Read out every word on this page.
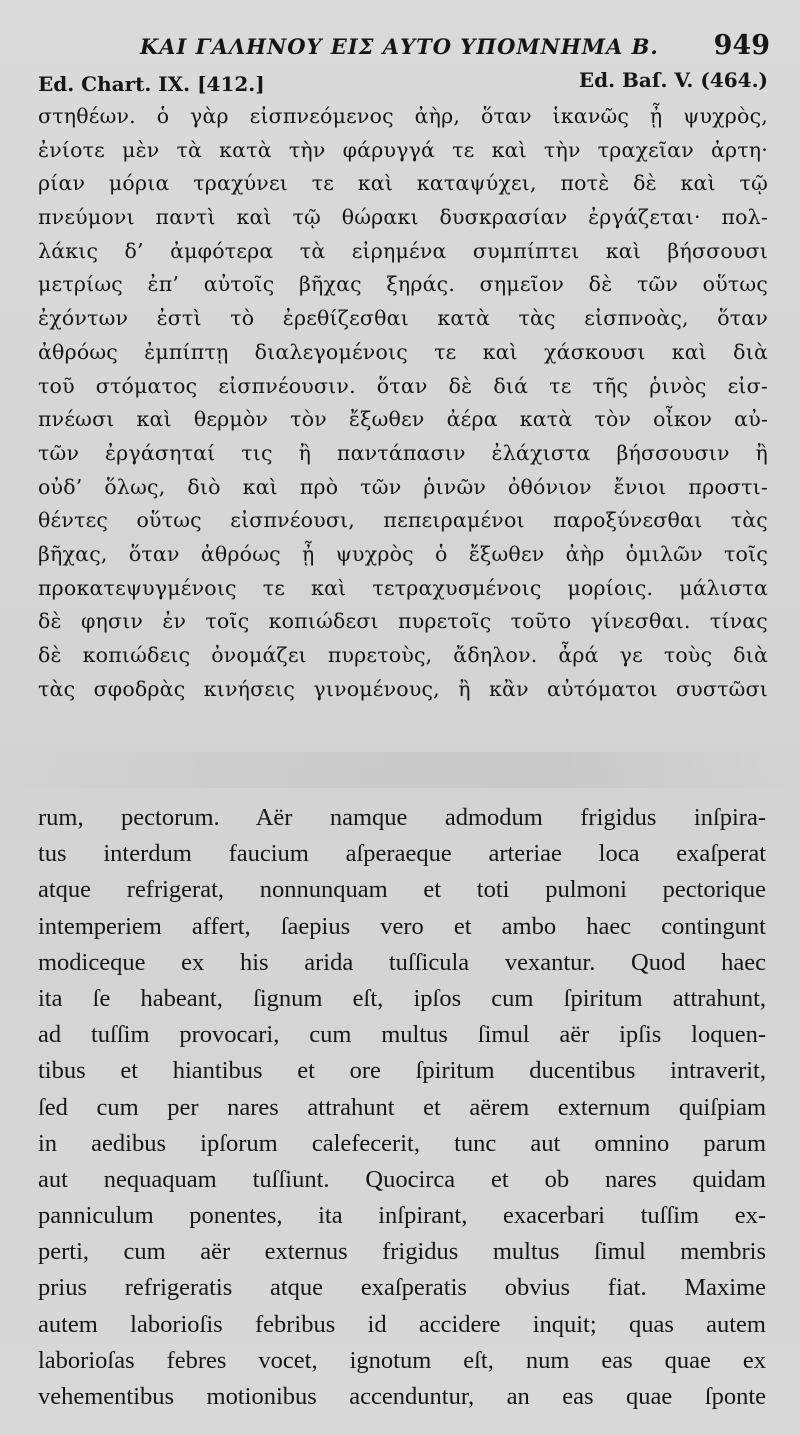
ΚΑΙ ΓΑΛΗΝΟΥ ΕΙΣ ΑΥΤΟ ΥΠΟΜΝΗΜΑ Β. 949
Ed. Chart. IX. [412.]	Ed. Baſ. V. (464.)
στηθέων. ὁ γὰρ εἰσπνεόμενος ἀὴρ, ὅταν ἱκανῶς ᾖ ψυχρὸς,
ἐνίοτε μὲν τὰ κατὰ τὴν φάρυγγά τε καὶ τὴν τραχεῖαν ἀρτη·
ρίαν μόρια τραχύνει τε καὶ καταψύχει, ποτὲ δὲ καὶ τῷ
πνεύμονι παντὶ καὶ τῷ θώρακι δυσκρασίαν ἐργάζεται· πολ-
λάκις δ’ ἀμφότερα τὰ εἰρημένα συμπίπτει καὶ βήσσουσι
μετρίως ἐπ’ αὐτοῖς βῆχας ξηράς. σημεῖον δὲ τῶν οὕτως
ἐχόντων ἐστὶ τὸ ἐρεθίζεσθαι κατὰ τὰς εἰσπνοὰς, ὅταν
ἀθρόως ἐμπίπτῃ διαλεγομένοις τε καὶ χάσκουσι καὶ διὰ
τοῦ στόματος εἰσπνέουσιν. ὅταν δὲ διά τε τῆς ῥινὸς εἰσ-
πνέωσι καὶ θερμὸν τὸν ἔξωθεν ἀέρα κατὰ τὸν οἶκον αὐ-
τῶν ἐργάσηταί τις ἢ παντάπασιν ἐλάχιστα βήσσουσιν ἢ
οὐδ’ ὅλως, διὸ καὶ πρὸ τῶν ῥινῶν ὀθόνιον ἔνιοι προστι-
θέντες οὕτως εἰσπνέουσι, πεπειραμένοι παροξύνεσθαι τὰς
βῆχας, ὅταν ἀθρόως ᾖ ψυχρὸς ὁ ἔξωθεν ἀὴρ ὁμιλῶν τοῖς
προκατεψυγμένοις τε καὶ τετραχυσμένοις μορίοις. μάλιστα
δὲ φησιν ἐν τοῖς κοπιώδεσι πυρετοῖς τοῦτο γίνεσθαι. τίνας
δὲ κοπιώδεις ὀνομάζει πυρετοὺς, ἄδηλον. ἆρά γε τοὺς διὰ
τὰς σφοδρὰς κινήσεις γινομένους, ἢ κἂν αὐτόματοι συστῶσι
rum, pectorum. Aër namque admodum frigidus inſpira-
tus interdum faucium aſperaeque arteriae loca exaſperat
atque refrigerat, nonnunquam et toti pulmoni pectorique
intemperiem affert, ſaepius vero et ambo haec contingunt
modiceque ex his arida tuſſicula vexantur. Quod haec
ita ſe habeant, ſignum eſt, ipſos cum ſpiritum attrahunt,
ad tuſſim provocari, cum multus ſimul aër ipſis loquen-
tibus et hiantibus et ore ſpiritum ducentibus intraverit,
ſed cum per nares attrahunt et aërem externum quiſpiam
in aedibus ipſorum calefecerit, tunc aut omnino parum
aut nequaquam tuſſiunt. Quocirca et ob nares quidam
panniculum ponentes, ita inſpirant, exacerbari tuſſim ex-
perti, cum aër externus frigidus multus ſimul membris
prius refrigeratis atque exaſperatis obvius fiat. Maxime
autem laborioſis febribus id accidere inquit; quas autem
laborioſas febres vocet, ignotum eſt, num eas quae ex
vehementibus motionibus accenduntur, an eas quae ſponte
